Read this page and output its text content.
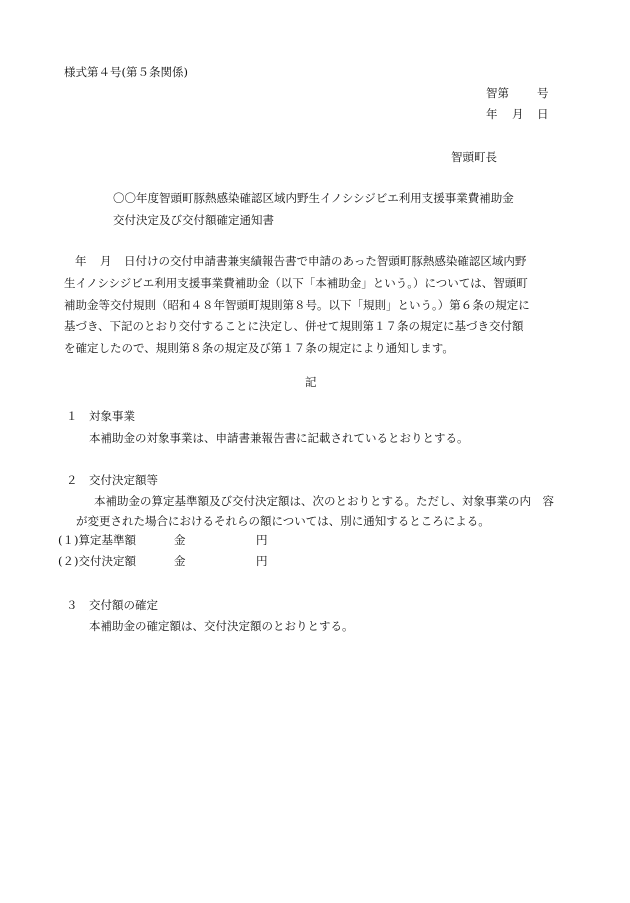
様式第４号(第５条関係)
智第 号
年 月 日
智頭町長
〇〇年度智頭町豚熱感染確認区域内野生イノシシジビエ利用支援事業費補助金
交付決定及び交付額確定通知書
年 月 日付けの交付申請書兼実績報告書で申請のあった智頭町豚熱感染確認区域内野
生イノシシジビエ利用支援事業費補助金（以下「本補助金」という。）については、智頭町
補助金等交付規則（昭和４８年智頭町規則第８号。以下「規則」という。）第６条の規定に
基づき、下記のとおり交付することに決定し、併せて規則第１７条の規定に基づき交付額
を確定したので、規則第８条の規定及び第１７条の規定により通知します。
記
１ 対象事業
本補助金の対象事業は、申請書兼報告書に記載されているとおりとする。
２ 交付決定額等
本補助金の算定基準額及び交付決定額は、次のとおりとする。ただし、対象事業の内　容
が変更された場合におけるそれらの額については、別に通知するところによる。
(１)算定基準額	金	円
(２)交付決定額	金	円
３ 交付額の確定
本補助金の確定額は、交付決定額のとおりとする。
